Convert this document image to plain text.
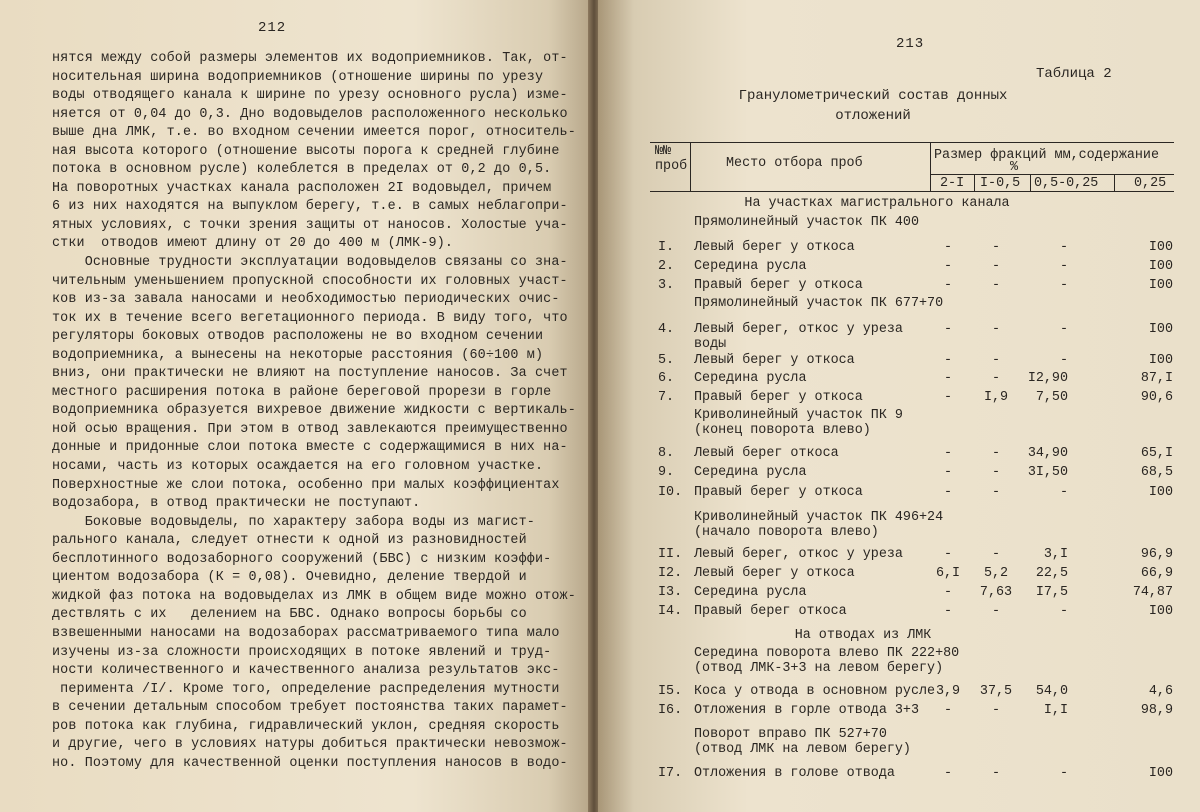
212
нятся между собой размеры элементов их водоприемников. Так, от-
носительная ширина водоприемников (отношение ширины по урезу
воды отводящего канала к ширине по урезу основного русла) изме-
няется от 0,04 до 0,3. Дно водовыделов расположенного несколько
выше дна ЛМК, т.е. во входном сечении имеется порог, относитель-
ная высота которого (отношение высоты порога к средней глубине
потока в основном русле) колеблется в пределах от 0,2 до 0,5.
На поворотных участках канала расположен 2I водовыдел, причем
6 из них находятся на выпуклом берегу, т.е. в самых неблагопри-
ятных условиях, с точки зрения защиты от наносов. Холостые уча-
стки  отводов имеют длину от 20 до 400 м (ЛМК-9).
Основные трудности эксплуатации водовыделов связаны со зна-
чительным уменьшением пропускной способности их головных участ-
ков из-за завала наносами и необходимостью периодических очис-
ток их в течение всего вегетационного периода. В виду того, что
регуляторы боковых отводов расположены не во входном сечении
водоприемника, а вынесены на некоторые расстояния (60÷100 м)
вниз, они практически не влияют на поступление наносов. За счет
местного расширения потока в районе береговой прорези в горле
водоприемника образуется вихревое движение жидкости с вертикаль-
ной осью вращения. При этом в отвод завлекаются преимущественно
донные и придонные слои потока вместе с содержащимися в них на-
носами, часть из которых осаждается на его головном участке.
Поверхностные же слои потока, особенно при малых коэффициентах
водозабора, в отвод практически не поступают.
Боковые водовыделы, по характеру забора воды из магист-
рального канала, следует отнести к одной из разновидностей
бесплотинного водозаборного сооружений (БВС) с низким коэффи-
циентом водозабора (К = 0,08). Очевидно, деление твердой и
жидкой фаз потока на водовыделах из ЛМК в общем виде можно отож-
дествлять с их   делением на БВС. Однако вопросы борьбы со
взвешенными наносами на водозаборах рассматриваемого типа мало
изучены из-за сложности происходящих в потоке явлений и труд-
ности количественного и качественного анализа результатов экс-
перимента /I/. Кроме того, определение распределения мутности
в сечении детальным способом требует постоянства таких парамет-
ров потока как глубина, гидравлический уклон, средняя скорость
и другие, чего в условиях натуры добиться практически невозмож-
но. Поэтому для качественной оценки поступления наносов в водо-
213
Таблица 2
Гранулометрический состав донных
отложений
№№
проб	Место отбора проб
Размер фракций мм,содержание
%
2-I I-0,5 0,5-0,25	0,25
На участках магистрального канала
Прямолинейный участок ПК 400
I. Левый берег у откоса	-	-	-	I00
2. Середина русла	-	-	-	I00
3. Правый берег у откоса	-	-	-	I00
Прямолинейный участок ПК 677+70
4. Левый берег, откос у уреза
воды
-	-	-	I00
5. Левый берег у откоса	-	-	-	I00
6. Середина русла	-	-	I2,90	87,I
7. Правый берег у откоса	-	I,9	7,50	90,6
Криволинейный участок ПК 9
(конец поворота влево)
8. Левый берег откоса	-	-	34,90	65,I
9. Середина русла	-	-	3I,50	68,5
I0. Правый берег у откоса	-	-	-	I00
Криволинейный участок ПК 496+24
(начало поворота влево)
II. Левый берег, откос у уреза	-	-	3,I	96,9
I2. Левый берег у откоса	6,I	5,2	22,5	66,9
I3. Середина русла	-	7,63	I7,5	74,87
I4. Правый берег откоса	-	-	-	I00
На отводах из ЛМК
Середина поворота влево ПК 222+80
(отвод ЛМК-3+3 на левом берегу)
I5. Коса у отвода в основном русле 3,9	37,5	54,0	4,6
I6. Отложения в горле отвода 3+3	-	-	I,I	98,9
Поворот вправо ПК 527+70
(отвод ЛМК на левом берегу)
I7. Отложения в голове отвода	-	-	-	I00
